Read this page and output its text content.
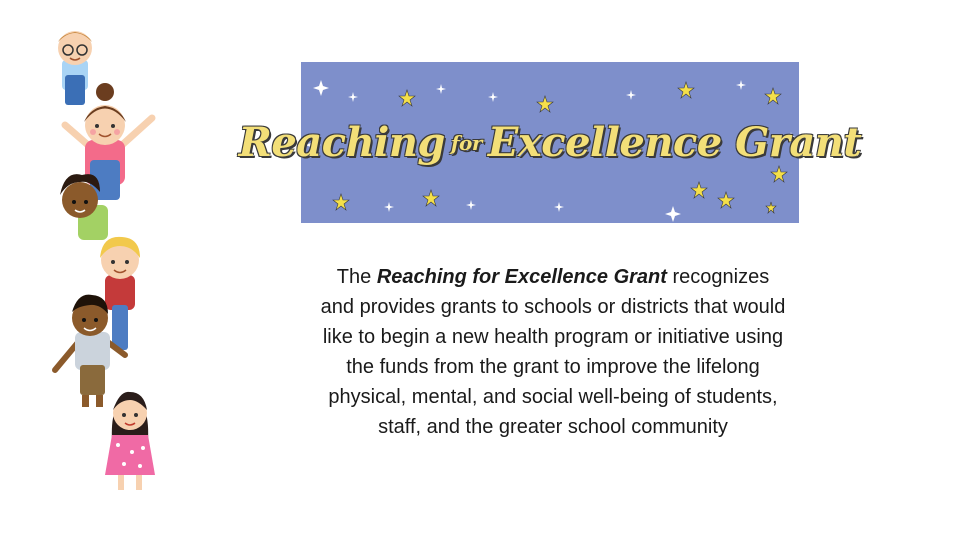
Reaching for Excellence Grant
The Reaching for Excellence Grant recognizes and provides grants to schools or districts that would like to begin a new health program or initiative using the funds from the grant to improve the lifelong physical, mental, and social well-being of students, staff, and the greater school community
